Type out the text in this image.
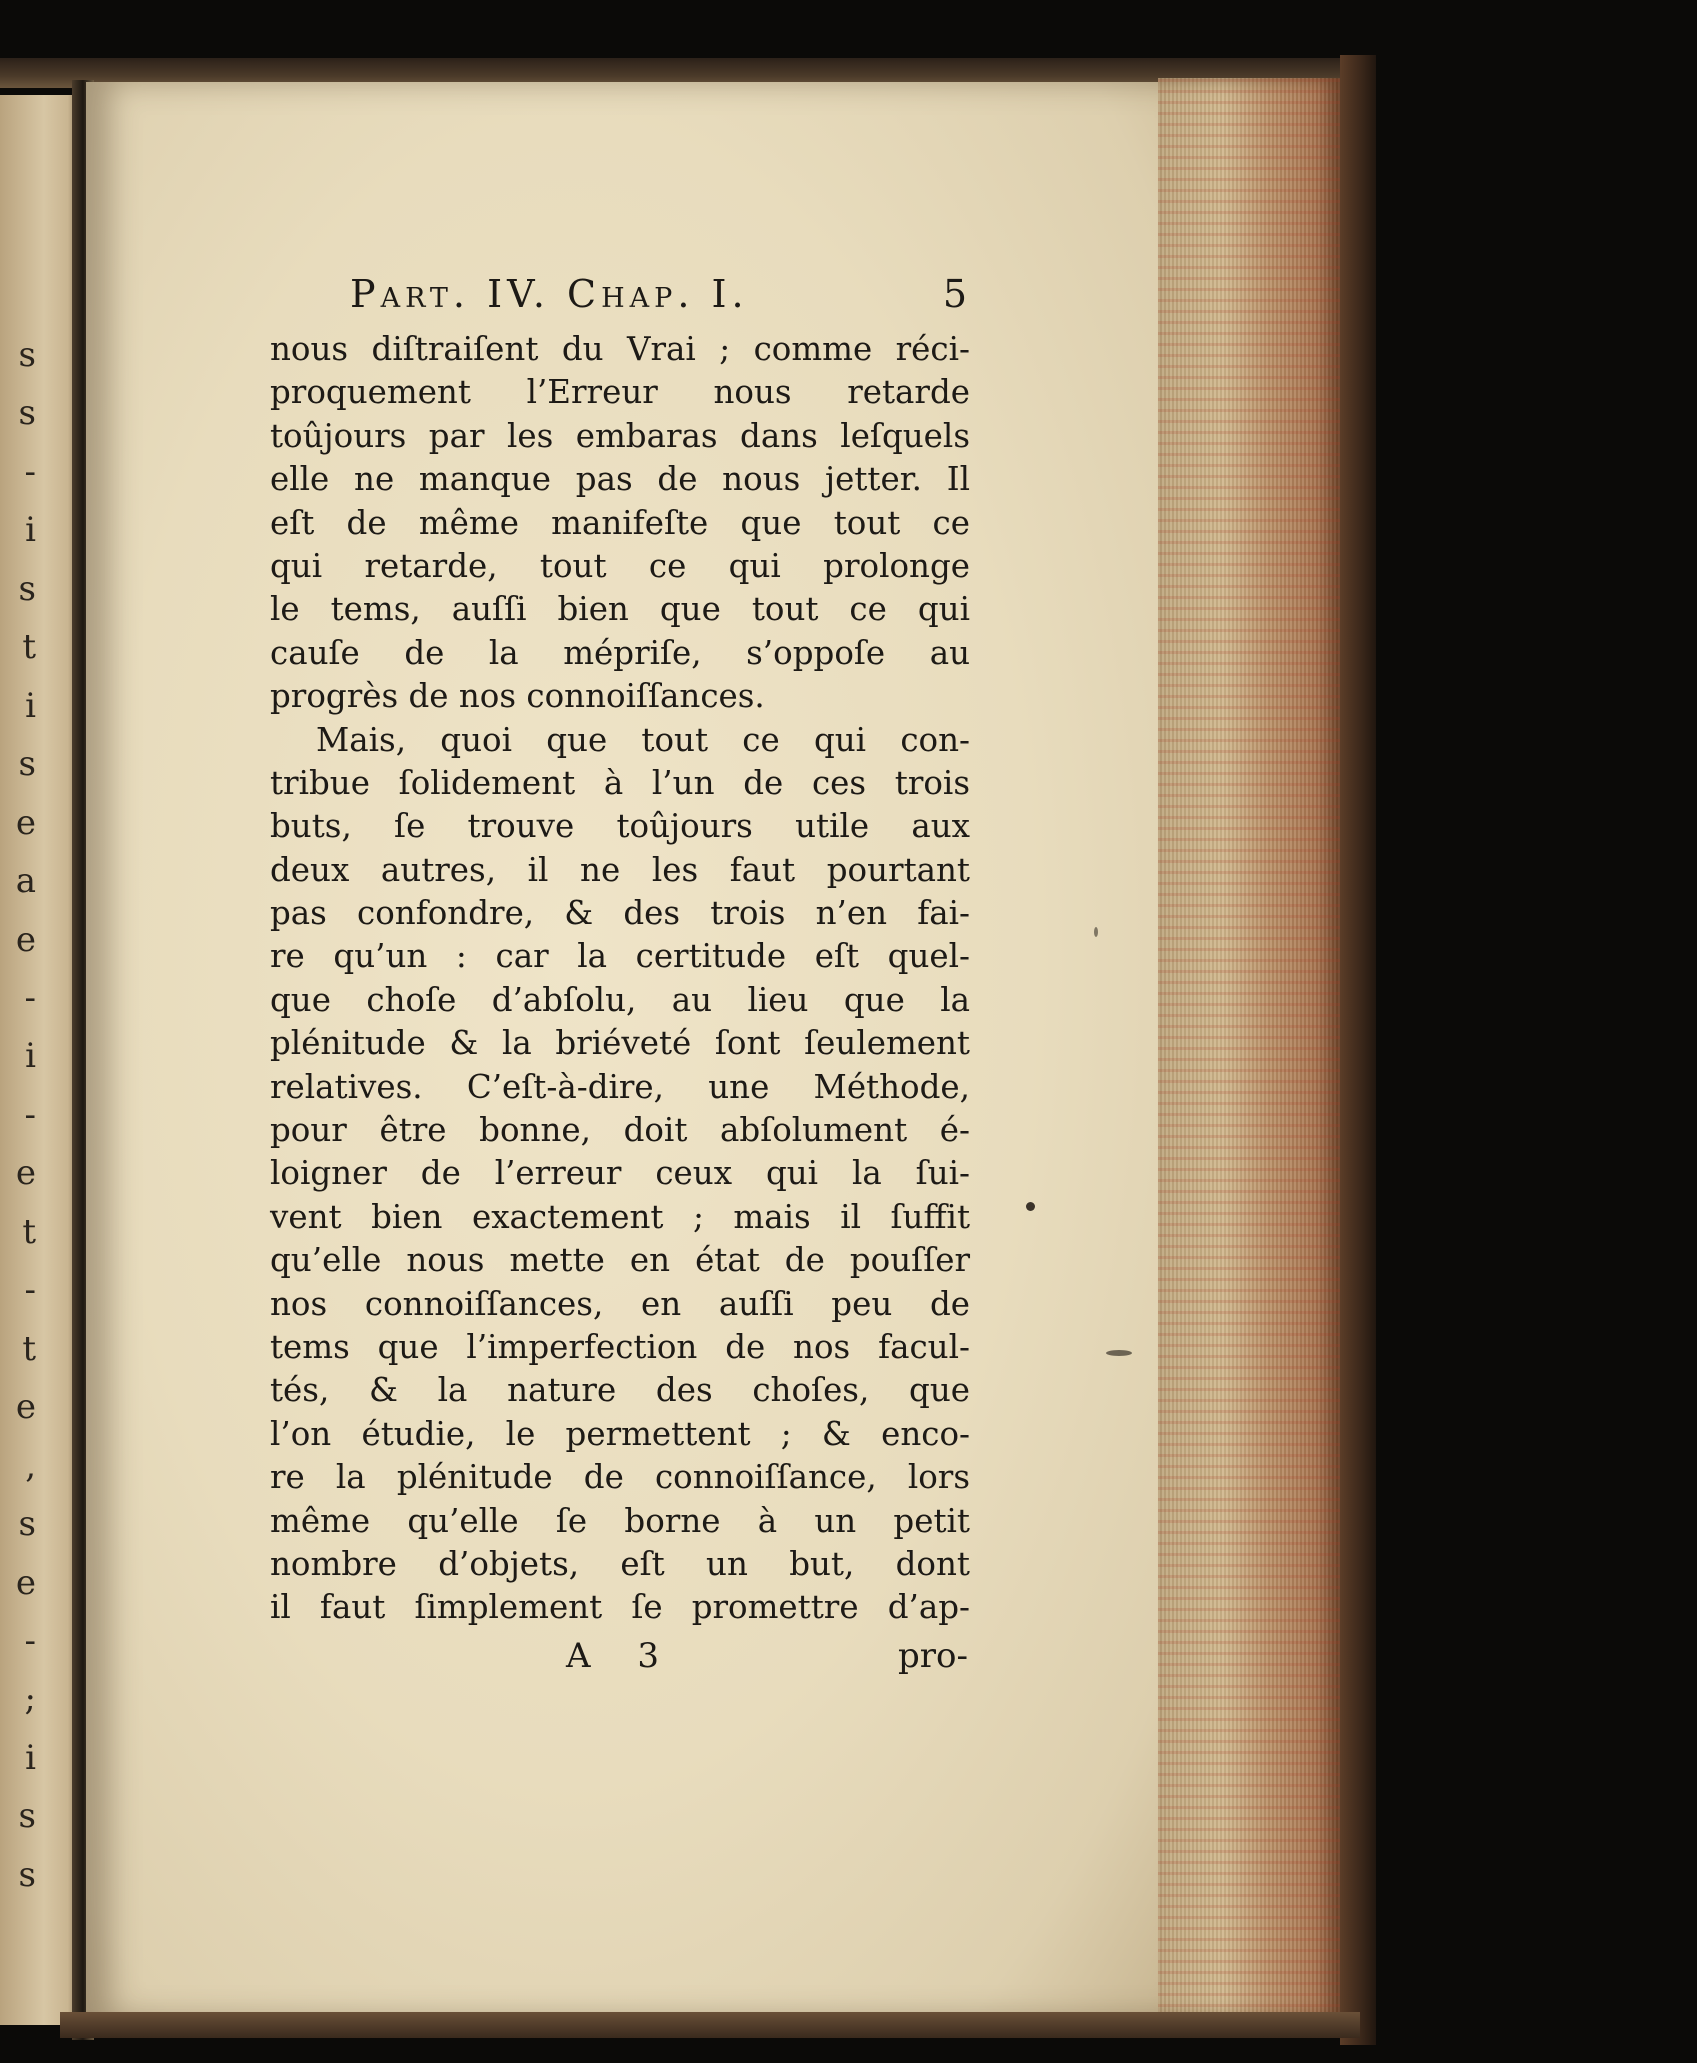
s
s
-
i
s
t
i
s
e
a
e
-
i
-
e
t
-
t
e
,
s
e
-
;
i
s
s
Part. IV. Chap. I.	5
nous diſtraiſent du Vrai ; comme réci-
proquement l’Erreur nous retarde
toûjours par les embaras dans leſquels
elle ne manque pas de nous jetter. Il
eſt de même manifeſte que tout ce
qui retarde, tout ce qui prolonge
le tems, auſſi bien que tout ce qui
cauſe de la mépriſe, s’oppoſe au
progrès de nos connoiſſances.
Mais, quoi que tout ce qui con-
tribue ſolidement à l’un de ces trois
buts, ſe trouve toûjours utile aux
deux autres, il ne les faut pourtant
pas confondre, & des trois n’en fai-
re qu’un : car la certitude eſt quel-
que choſe d’abſolu, au lieu que la
plénitude & la briéveté ſont ſeulement
relatives. C’eſt-à-dire, une Méthode,
pour être bonne, doit abſolument é-
loigner de l’erreur ceux qui la ſui-
vent bien exactement ; mais il ſuffit
qu’elle nous mette en état de pouſſer
nos connoiſſances, en auſſi peu de
tems que l’imperfection de nos facul-
tés, & la nature des choſes, que
l’on étudie, le permettent ; & enco-
re la plénitude de connoiſſance, lors
même qu’elle ſe borne à un petit
nombre d’objets, eſt un but, dont
il faut ſimplement ſe promettre d’ap-
A 3	pro-
